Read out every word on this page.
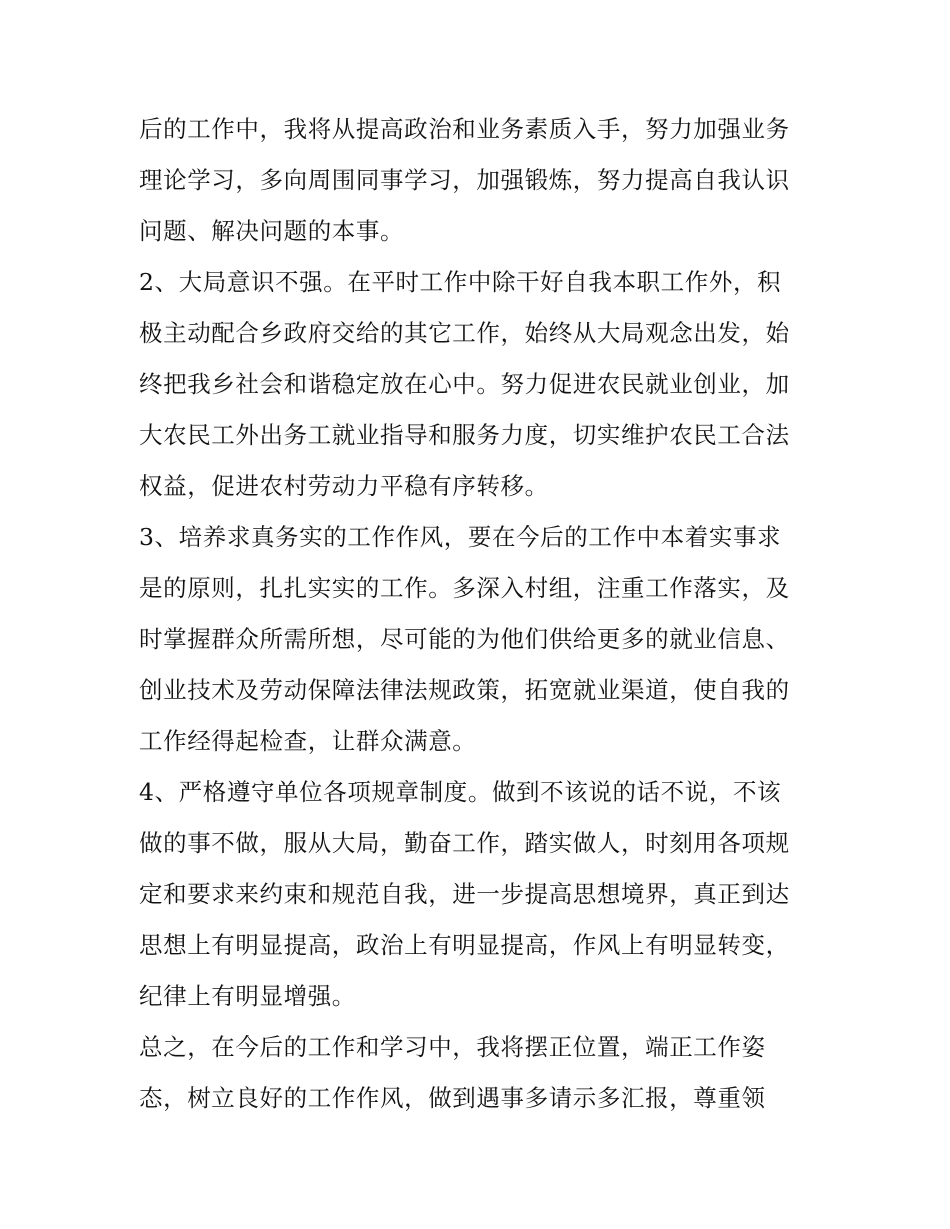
后的工作中，我将从提高政治和业务素质入手，努力加强业务
理论学习，多向周围同事学习，加强锻炼，努力提高自我认识
问题、解决问题的本事。
2、大局意识不强。在平时工作中除干好自我本职工作外，积
极主动配合乡政府交给的其它工作，始终从大局观念出发，始
终把我乡社会和谐稳定放在心中。努力促进农民就业创业，加
大农民工外出务工就业指导和服务力度，切实维护农民工合法
权益，促进农村劳动力平稳有序转移。
3、培养求真务实的工作作风，要在今后的工作中本着实事求
是的原则，扎扎实实的工作。多深入村组，注重工作落实，及
时掌握群众所需所想，尽可能的为他们供给更多的就业信息、
创业技术及劳动保障法律法规政策，拓宽就业渠道，使自我的
工作经得起检查，让群众满意。
4、严格遵守单位各项规章制度。做到不该说的话不说，不该
做的事不做，服从大局，勤奋工作，踏实做人，时刻用各项规
定和要求来约束和规范自我，进一步提高思想境界，真正到达
思想上有明显提高，政治上有明显提高，作风上有明显转变，
纪律上有明显增强。
总之，在今后的工作和学习中，我将摆正位置，端正工作姿
态，树立良好的工作作风，做到遇事多请示多汇报，尊重领
